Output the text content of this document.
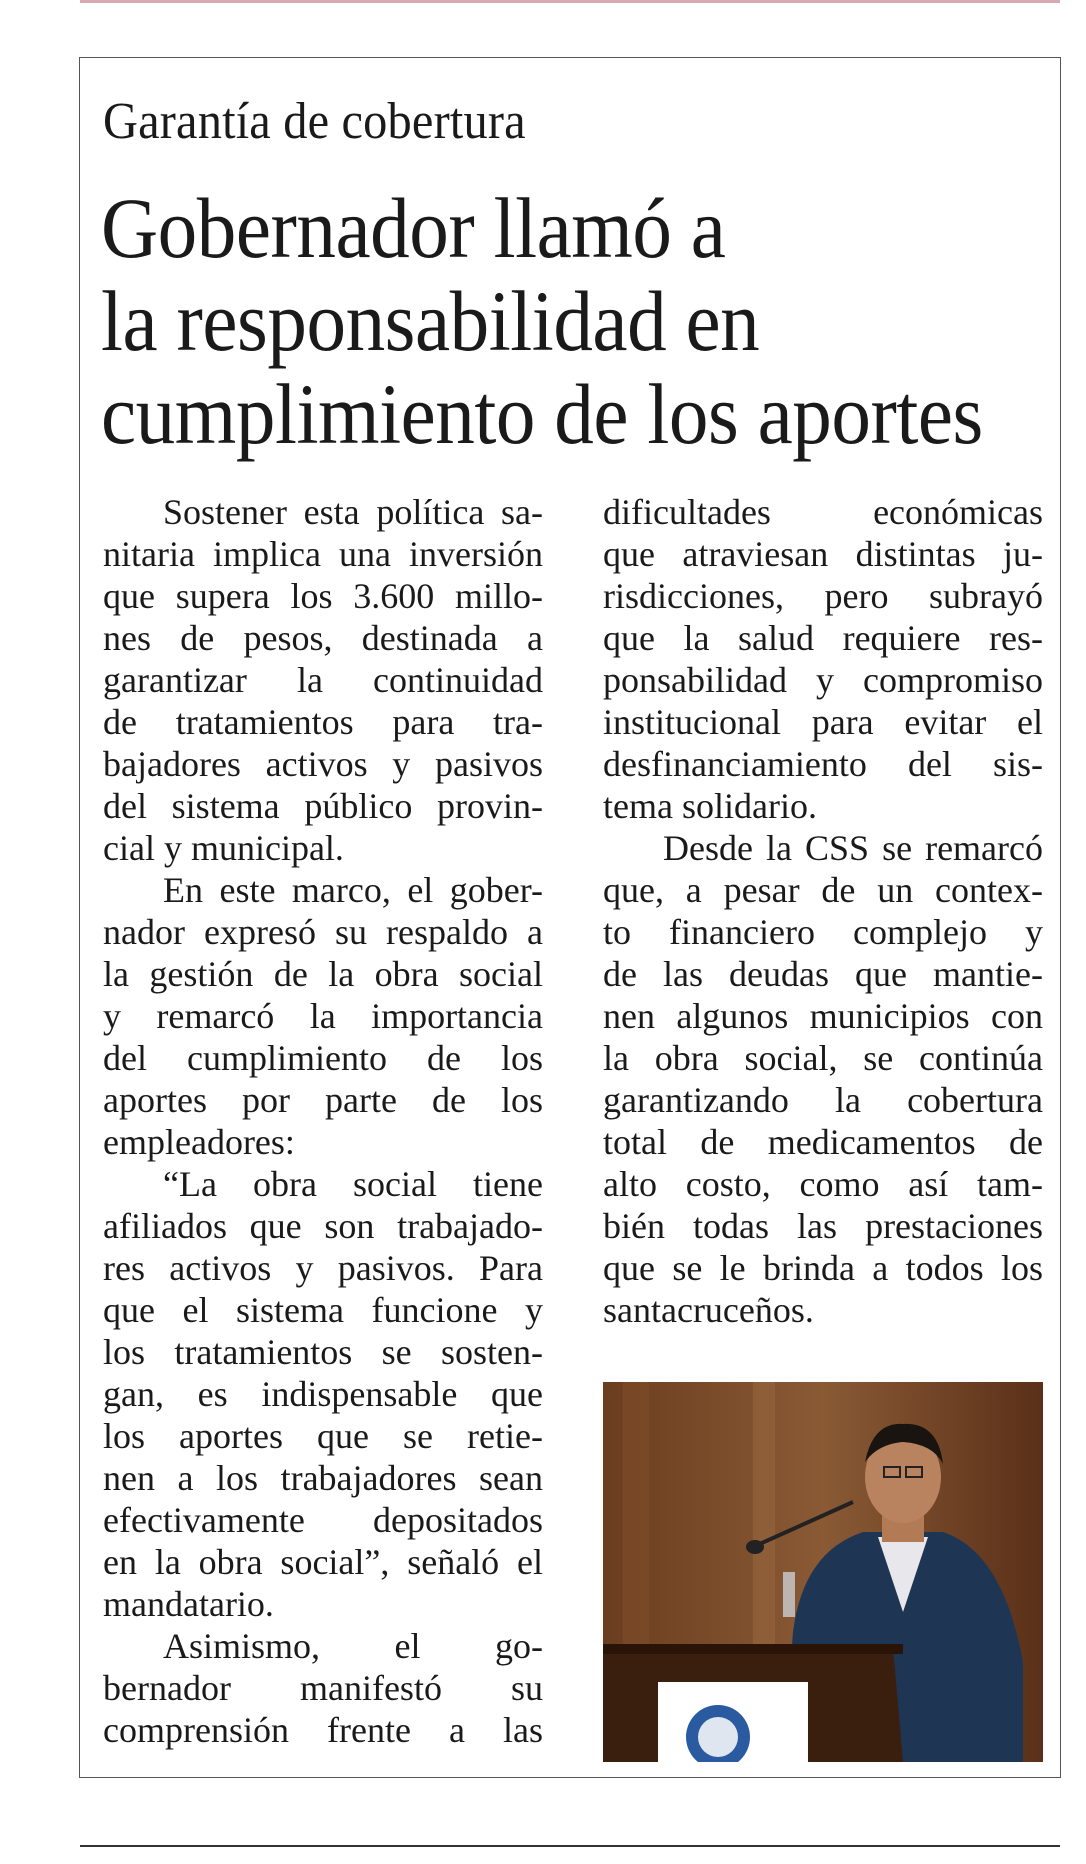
Garantía de cobertura
Gobernador llamó a
la responsabilidad en
cumplimiento de los aportes
Sostener esta política sa-
nitaria implica una inversión
que supera los 3.600 millo-
nes de pesos, destinada a
garantizar la continuidad
de tratamientos para tra-
bajadores activos y pasivos
del sistema público provin-
cial y municipal.
En este marco, el gober-
nador expresó su respaldo a
la gestión de la obra social
y remarcó la importancia
del cumplimiento de los
aportes por parte de los
empleadores:
“La obra social tiene
afiliados que son trabajado-
res activos y pasivos. Para
que el sistema funcione y
los tratamientos se sosten-
gan, es indispensable que
los aportes que se retie-
nen a los trabajadores sean
efectivamente depositados
en la obra social”, señaló el
mandatario.
Asimismo, el go-
bernador manifestó su
comprensión frente a las
dificultades económicas
que atraviesan distintas ju-
risdicciones, pero subrayó
que la salud requiere res-
ponsabilidad y compromiso
institucional para evitar el
desfinanciamiento del sis-
tema solidario.
Desde la CSS se remarcó
que, a pesar de un contex-
to financiero complejo y
de las deudas que mantie-
nen algunos municipios con
la obra social, se continúa
garantizando la cobertura
total de medicamentos de
alto costo, como así tam-
bién todas las prestaciones
que se le brinda a todos los
santacruceños.
